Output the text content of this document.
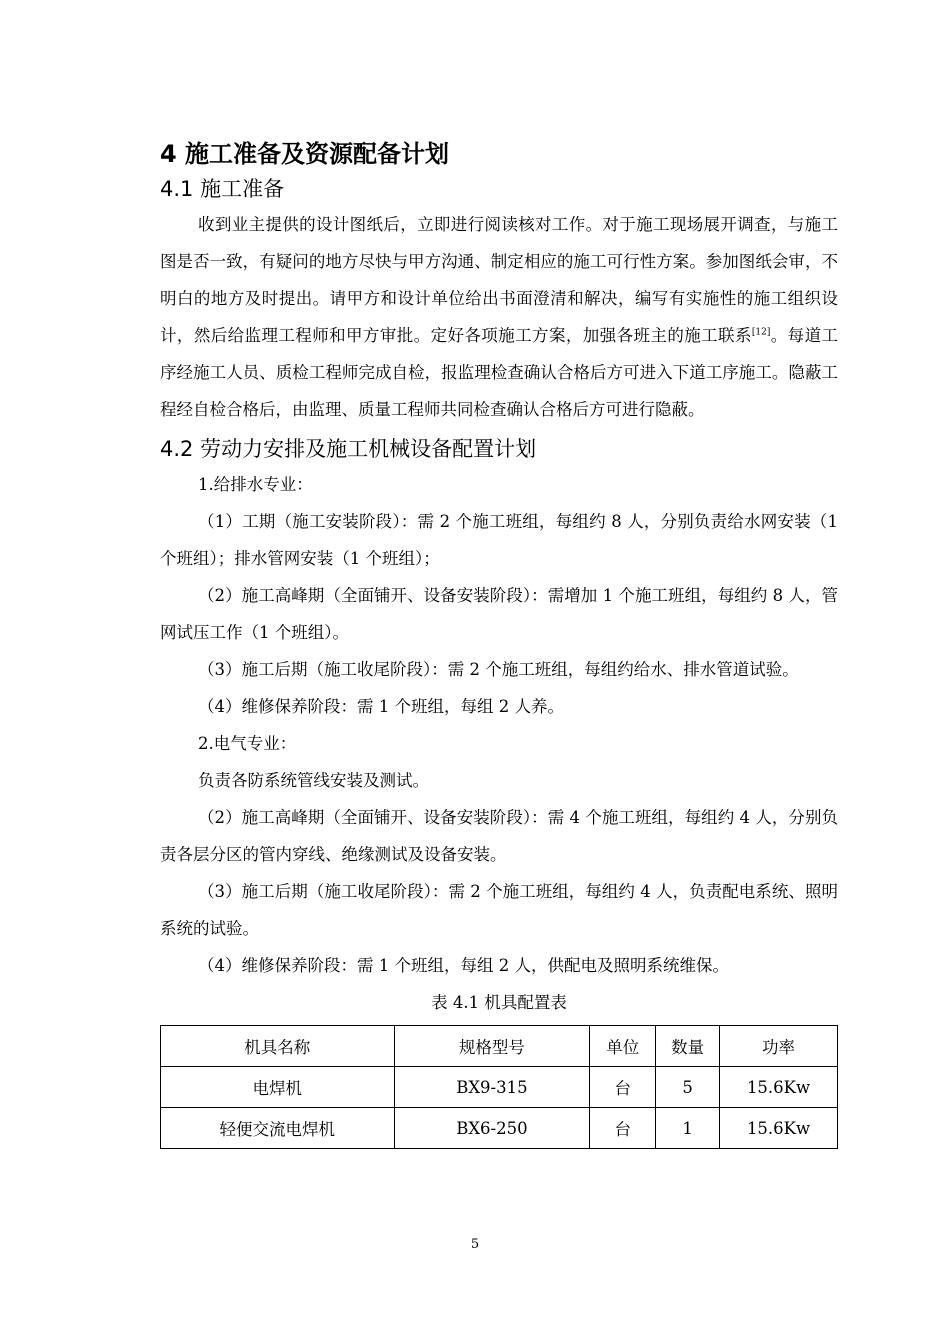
4 施工准备及资源配备计划
4.1 施工准备

收到业主提供的设计图纸后，立即进行阅读核对工作。对于施工现场展开调查，与施工图是否一致，有疑问的地方尽快与甲方沟通、制定相应的施工可行性方案。参加图纸会审，不明白的地方及时提出。请甲方和设计单位给出书面澄清和解决，编写有实施性的施工组织设计，然后给监理工程师和甲方审批。定好各项施工方案，加强各班主的施工联系[12]。每道工序经施工人员、质检工程师完成自检，报监理检查确认合格后方可进入下道工序施工。隐蔽工程经自检合格后，由监理、质量工程师共同检查确认合格后方可进行隐蔽。

4.2 劳动力安排及施工机械设备配置计划

1.给排水专业：

（1）工期（施工安装阶段）：需 2 个施工班组，每组约 8 人，分别负责给水网安装（1 个班组）；排水管网安装（1 个班组）；

（2）施工高峰期（全面铺开、设备安装阶段）：需增加 1 个施工班组，每组约 8 人，管网试压工作（1 个班组）。

（3）施工后期（施工收尾阶段）：需 2 个施工班组，每组约给水、排水管道试验。

（4）维修保养阶段：需 1 个班组，每组 2 人养。

2.电气专业：

负责各防系统管线安装及测试。

（2）施工高峰期（全面铺开、设备安装阶段）：需 4 个施工班组，每组约 4 人，分别负责各层分区的管内穿线、绝缘测试及设备安装。

（3）施工后期（施工收尾阶段）：需 2 个施工班组，每组约 4 人，负责配电系统、照明系统的试验。

（4）维修保养阶段：需 1 个班组，每组 2 人，供配电及照明系统维保。

表 4.1 机具配置表

机具名称	规格型号	单位	数量	功率
电焊机	BX9-315	台	5	15.6Kw
轻便交流电焊机	BX6-250	台	1	15.6Kw
5
